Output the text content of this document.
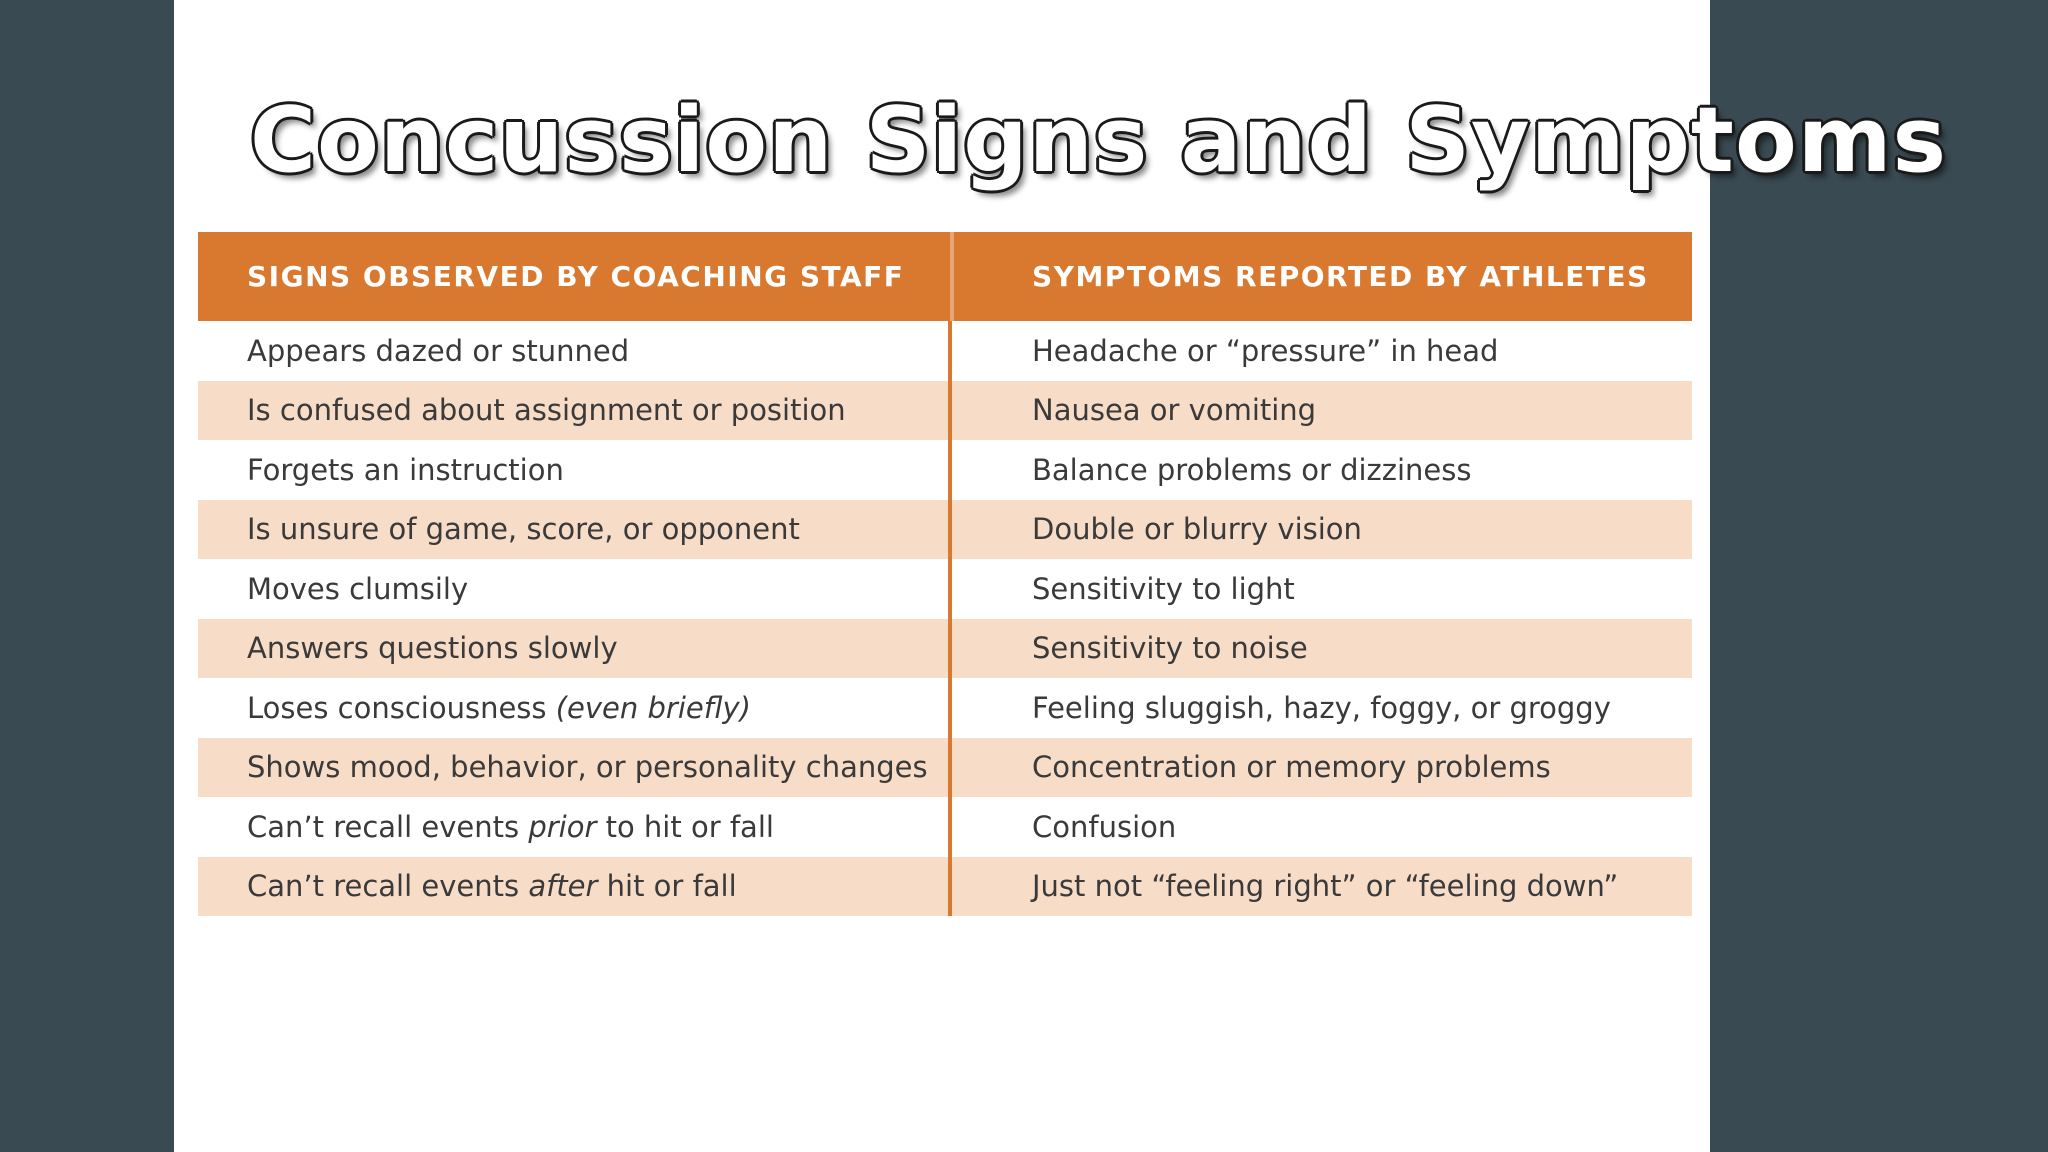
Concussion Signs and Symptoms
SIGNS OBSERVED BY COACHING STAFF	SYMPTOMS REPORTED BY ATHLETES
Appears dazed or stunned	Headache or “pressure” in head
Is confused about assignment or position	Nausea or vomiting
Forgets an instruction	Balance problems or dizziness
Is unsure of game, score, or opponent	Double or blurry vision
Moves clumsily	Sensitivity to light
Answers questions slowly	Sensitivity to noise
Loses consciousness (even briefly)	Feeling sluggish, hazy, foggy, or groggy
Shows mood, behavior, or personality changes	Concentration or memory problems
Can’t recall events prior to hit or fall	Confusion
Can’t recall events after hit or fall	Just not “feeling right” or “feeling down”
